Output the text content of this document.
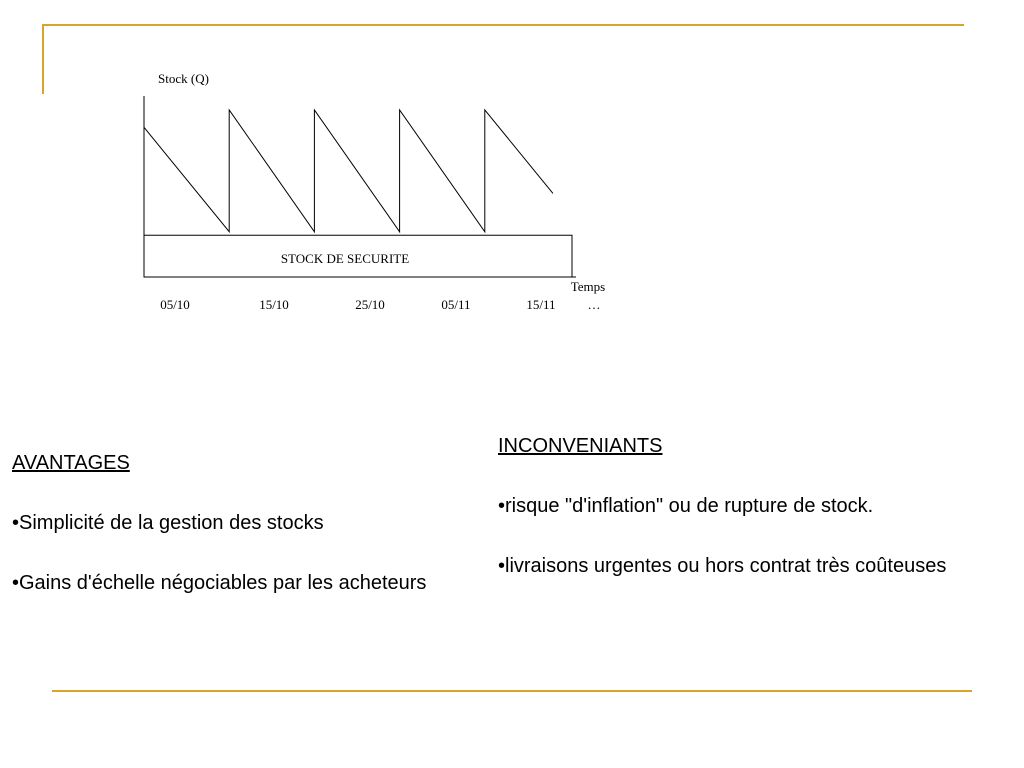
Stock (Q)
STOCK DE SECURITE
Temps
05/10	15/10	25/10	05/11	15/11 …

AVANTAGES

•Simplicité de la gestion des stocks

•Gains d'échelle négociables par les acheteurs

INCONVENIANTS

•risque "d'inflation" ou de rupture de stock.

•livraisons urgentes ou hors contrat très coûteuses
